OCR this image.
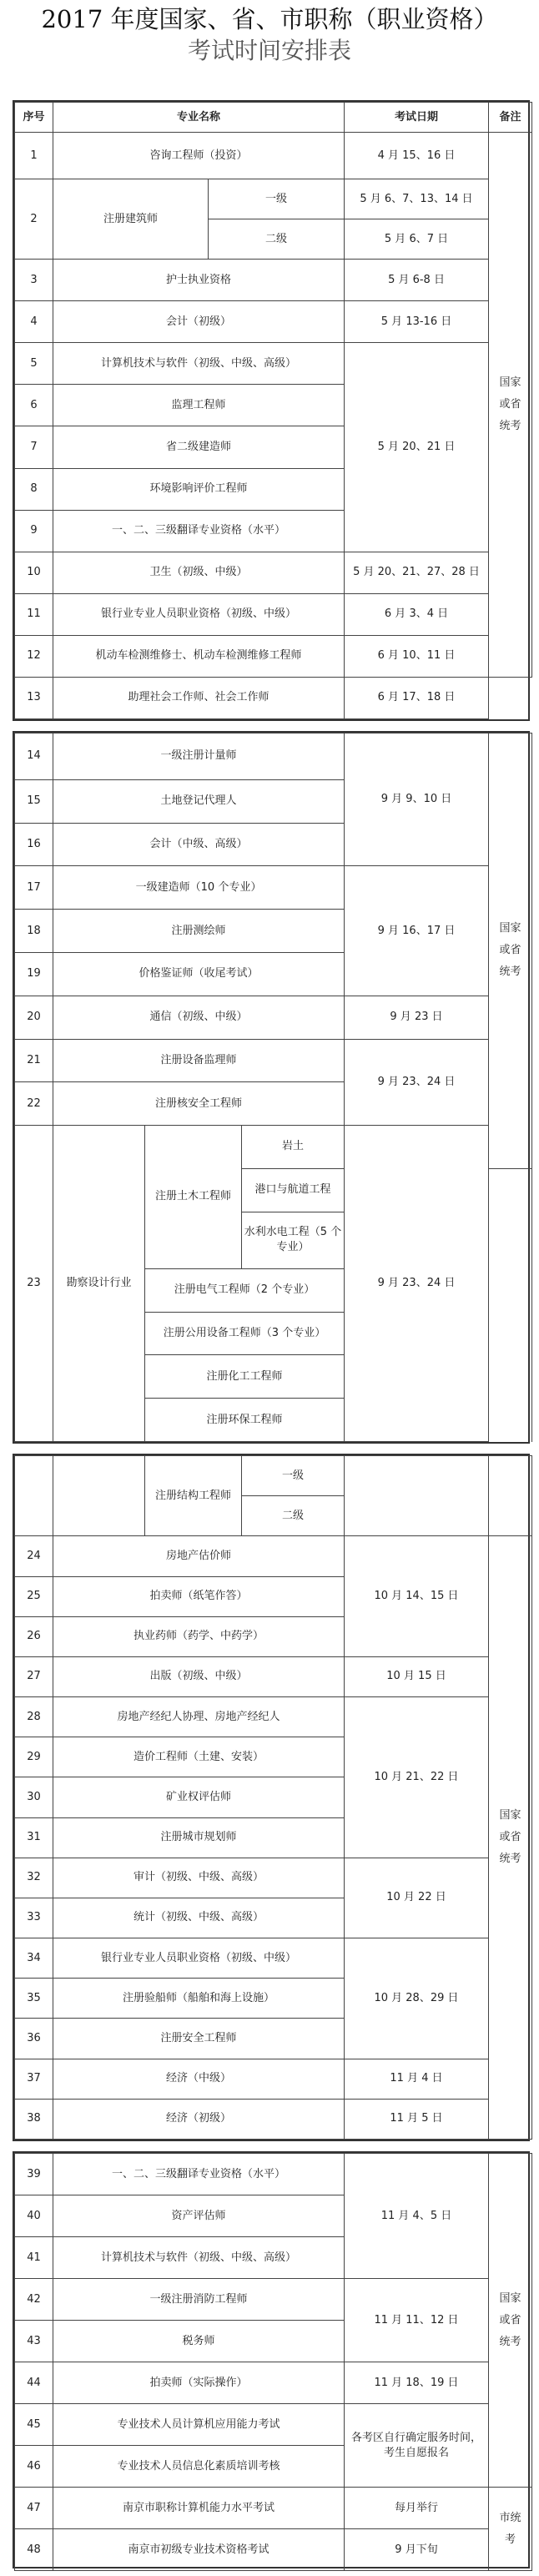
2017 年度国家、省、市职称（职业资格）
考试时间安排表
序号	专业名称		考试日期	备注
1	咨询工程师（投资）		4 月 15、16 日	国家
或省
统考

2	注册建筑师	一级	5 月 6、7、13、14 日	
		二级	5 月 6、7 日	
3	护士执业资格		5 月 6-8 日	
4	会计（初级）		5 月 13-16 日	
5	计算机技术与软件（初级、中级、高级）		5 月 20、21 日	
6	监理工程师			
7	省二级建造师			
8	环境影响评价工程师			
9	一、二、三级翻译专业资格（水平）			
10	卫生（初级、中级）		5 月 20、21、27、28 日	
11	银行业专业人员职业资格（初级、中级）		6 月 3、4 日	
12	机动车检测维修士、机动车检测维修工程师		6 月 10、11 日	
13	助理社会工作师、社会工作师		6 月 17、18 日	
14	一级注册计量师			9 月 9、10 日	国家
或省
统考

15	土地登记代理人				
16	会计（中级、高级）				
17	一级建造师（10 个专业）			9 月 16、17 日	
18	注册测绘师				
19	价格鉴证师（收尾考试）				
20	通信（初级、中级）			9 月 23 日	
21	注册设备监理师			9 月 23、24 日	
22	注册核安全工程师				
23	勘察设计行业	注册土木工程师	岩土	9 月 23、24 日	
			港口与航道工程		
			水利水电工程（5 个专业）		
		注册电气工程师（2 个专业）			
		注册公用设备工程师（3 个专业）			
		注册化工工程师			
		注册环保工程师			
		注册结构工程师	一级		
			二级		
24	房地产估价师			10 月 14、15 日	国家
或省
统考

25	拍卖师（纸笔作答）				
26	执业药师（药学、中药学）				
27	出版（初级、中级）			10 月 15 日	
28	房地产经纪人协理、房地产经纪人			10 月 21、22 日	
29	造价工程师（土建、安装）				
30	矿业权评估师				
31	注册城市规划师				
32	审计（初级、中级、高级）			10 月 22 日	
33	统计（初级、中级、高级）				
34	银行业专业人员职业资格（初级、中级）			10 月 28、29 日	
35	注册验船师（船舶和海上设施）				
36	注册安全工程师				
37	经济（中级）			11 月 4 日	
38	经济（初级）			11 月 5 日	
39	一、二、三级翻译专业资格（水平）	11 月 4、5 日	国家
或省
统考

40	资产评估师		
41	计算机技术与软件（初级、中级、高级）		
42	一级注册消防工程师	11 月 11、12 日	
43	税务师		
44	拍卖师（实际操作）	11 月 18、19 日	
45	专业技术人员计算机应用能力考试	各考区自行确定服务时间，考生自愿报名	
46	专业技术人员信息化素质培训考核		
47	南京市职称计算机能力水平考试	每月举行	市统
考

48	南京市初级专业技术资格考试	9 月下旬	
